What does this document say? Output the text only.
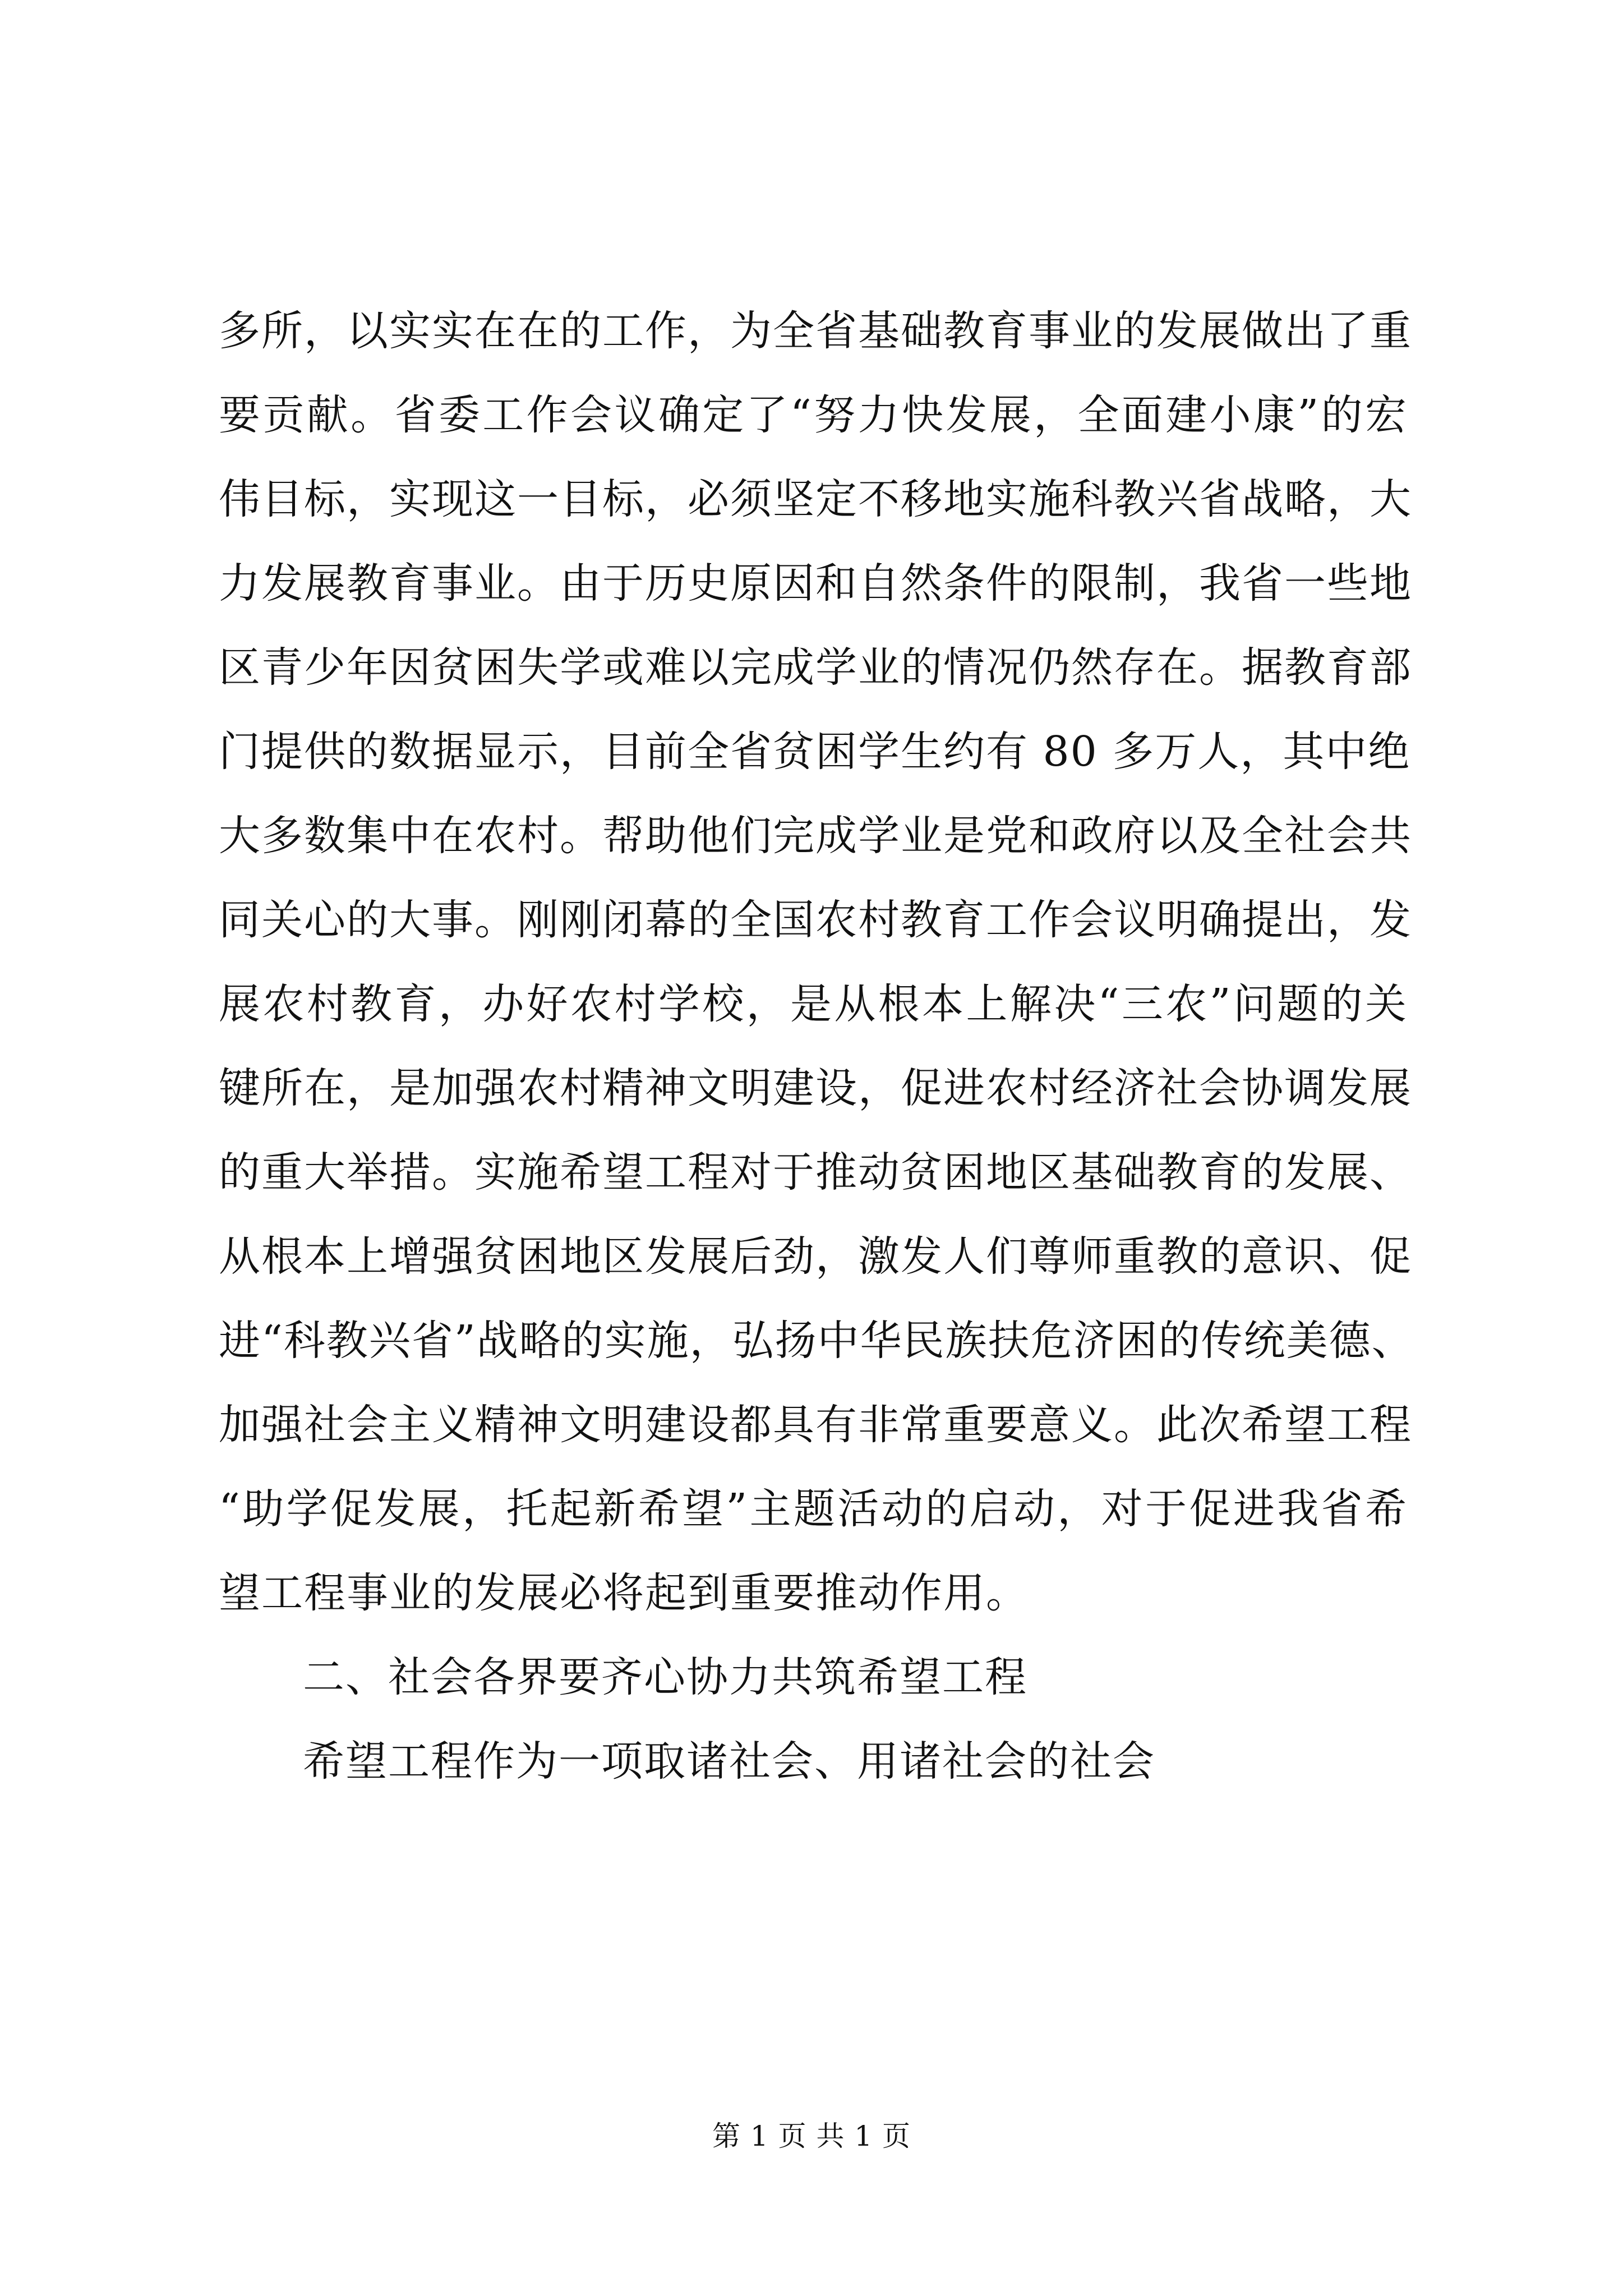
多所，以实实在在的工作，为全省基础教育事业的发展做出了重
要贡献。省委工作会议确定了“努力快发展，全面建小康”的宏
伟目标，实现这一目标，必须坚定不移地实施科教兴省战略，大
力发展教育事业。由于历史原因和自然条件的限制，我省一些地
区青少年因贫困失学或难以完成学业的情况仍然存在。据教育部
门提供的数据显示，目前全省贫困学生约有 80 多万人，其中绝
大多数集中在农村。帮助他们完成学业是党和政府以及全社会共
同关心的大事。刚刚闭幕的全国农村教育工作会议明确提出，发
展农村教育，办好农村学校，是从根本上解决“三农”问题的关
键所在，是加强农村精神文明建设，促进农村经济社会协调发展
的重大举措。实施希望工程对于推动贫困地区基础教育的发展、
从根本上增强贫困地区发展后劲，激发人们尊师重教的意识、促
进“科教兴省”战略的实施，弘扬中华民族扶危济困的传统美德、
加强社会主义精神文明建设都具有非常重要意义。此次希望工程
“助学促发展，托起新希望”主题活动的启动，对于促进我省希
望工程事业的发展必将起到重要推动作用。
二、社会各界要齐心协力共筑希望工程
希望工程作为一项取诸社会、用诸社会的社会
第 1 页 共 1 页
